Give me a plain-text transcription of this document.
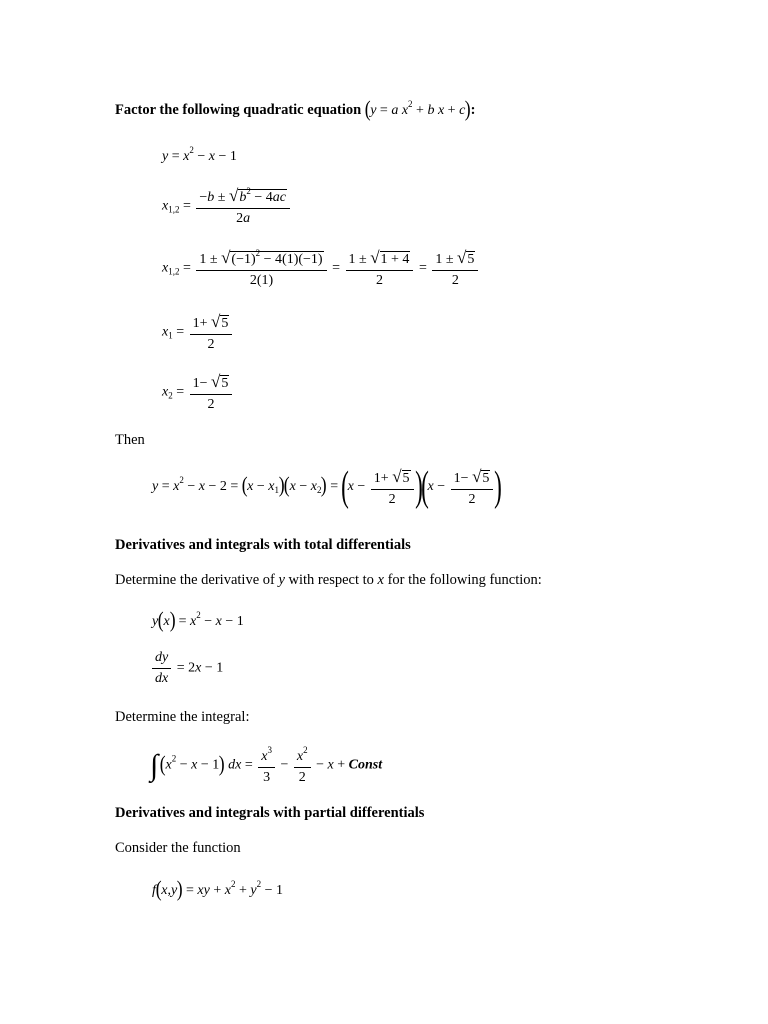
Factor the following quadratic equation (y = a $x^2 + b$ x + c):
$y = x^2 - x - 1$
$x_{1,2} = \frac{-b \pm √b^2 - 4ac}{2a}$
$x_{1,2} = \frac{1 \pm √(-1)^2 - 4(1)(-1)}{2(1)} = \frac{1 \pm √1 + 4}{2} = \frac{1 \pm √5}{2}$
$x_1 = \frac{1+ √5}{2}$
$x_2 = \frac{1- √5}{2}$
Then
$y = x^2 - x - 2 = (x - x_1)(x - x_2) = (x - \frac{1+ √5}{2} )(x - \frac{1- √5}{2}$ )
Derivatives and integrals with total differentials
Determine the derivative of y with respect to x for the following function:
$y(x) = x^2 - x - 1$
$\frac{dy}{dx} = 2x - 1$
Determine the integral:
$\int(x^2 - x - 1)$ dx = $\frac{x^3}{3} - \frac{x^2}{2} - x$ + Const
Derivatives and integrals with partial differentials
Consider the function
f(x,y) = xy + $x^2 + y^2 - 1$
